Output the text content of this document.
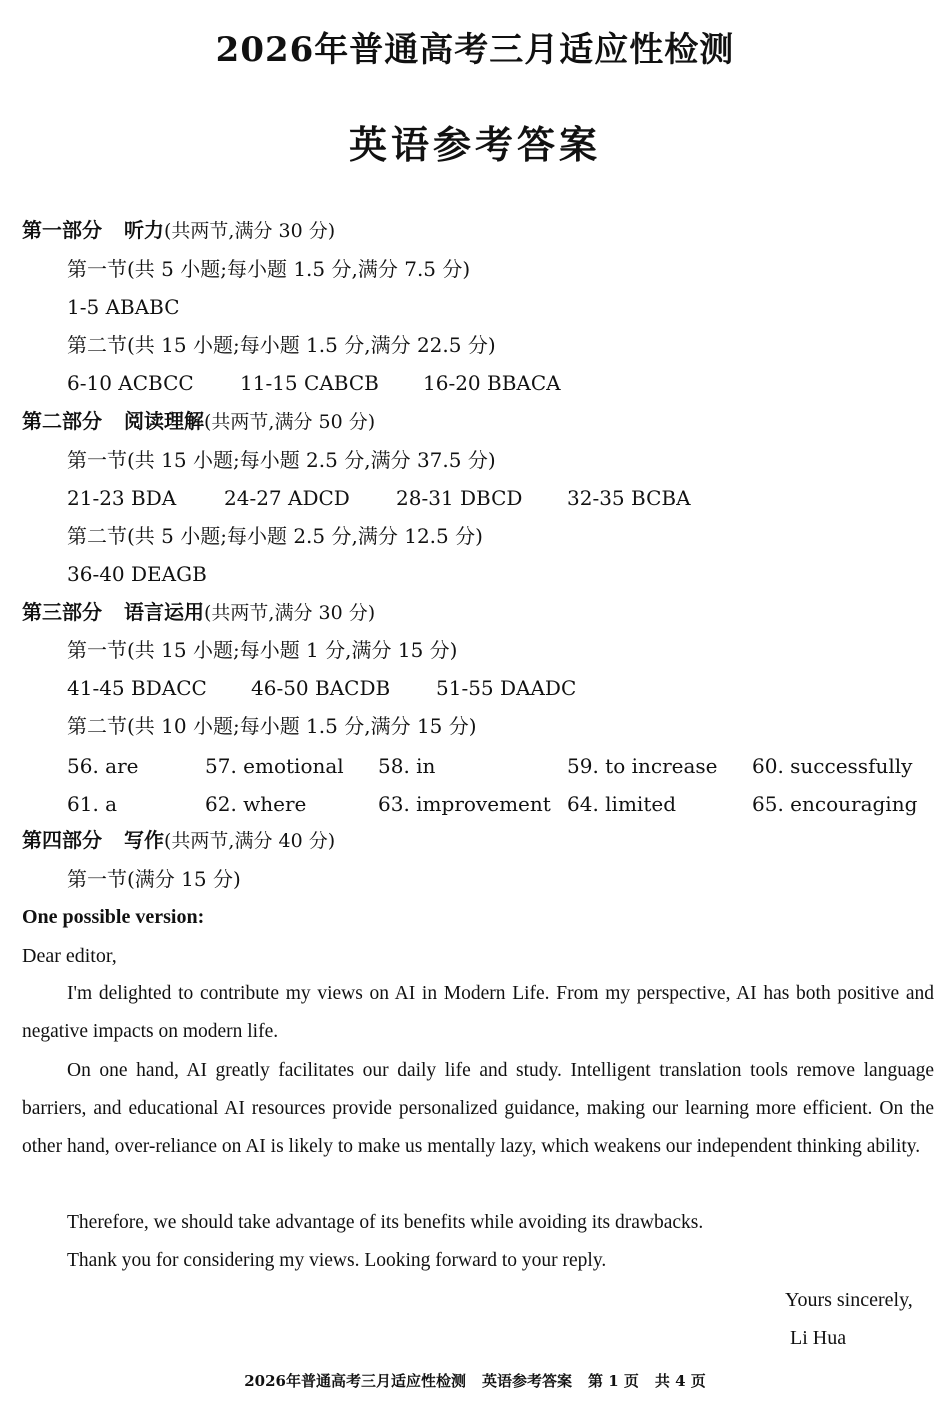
2026年普通高考三月适应性检测
英语参考答案
第一部分 听力(共两节,满分 30 分)
第一节(共 5 小题;每小题 1.5 分,满分 7.5 分)
1-5 ABABC
第二节(共 15 小题;每小题 1.5 分,满分 22.5 分)
6-10 ACBCC 11-15 CABCB 16-20 BBACA
第二部分 阅读理解(共两节,满分 50 分)
第一节(共 15 小题;每小题 2.5 分,满分 37.5 分)
21-23 BDA 24-27 ADCD 28-31 DBCD 32-35 BCBA
第二节(共 5 小题;每小题 2.5 分,满分 12.5 分)
36-40 DEAGB
第三部分 语言运用(共两节,满分 30 分)
第一节(共 15 小题;每小题 1 分,满分 15 分)
41-45 BDACC 46-50 BACDB 51-55 DAADC
第二节(共 10 小题;每小题 1.5 分,满分 15 分)
56. are	57. emotional 58. in	59. to increase 60. successfully
61. a	62. where	63. improvement 64. limited	65. encouraging
第四部分 写作(共两节,满分 40 分)
第一节(满分 15 分)
One possible version:
Dear editor,
I'm delighted to contribute my views on AI in Modern Life. From my perspective, AI has both positive and negative impacts on modern life.
On one hand, AI greatly facilitates our daily life and study. Intelligent translation tools remove language barriers, and educational AI resources provide personalized guidance, making our learning more efficient. On the other hand, over-reliance on AI is likely to make us mentally lazy, which weakens our independent thinking ability.
Therefore, we should take advantage of its benefits while avoiding its drawbacks.
Thank you for considering my views. Looking forward to your reply.
Yours sincerely,
Li Hua
2026年普通高考三月适应性检测 英语参考答案 第 1 页 共 4 页
